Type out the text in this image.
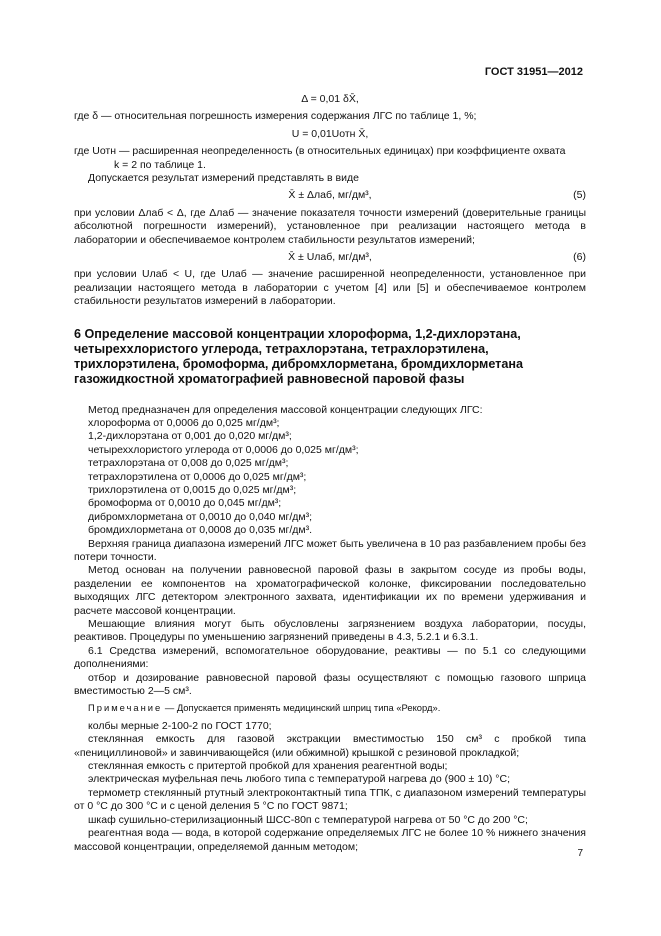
ГОСТ 31951—2012

Δ = 0,01 δX̄,

где δ — относительная погрешность измерения содержания ЛГС по таблице 1, %;

U = 0,01Uотн X̄,

где Uотн — расширенная неопределенность (в относительных единицах) при коэффициенте охвата

k = 2 по таблице 1.

Допускается результат измерений представлять в виде

X̄ ± Δлаб, мг/дм³,	(5)

при условии Δлаб < Δ, где Δлаб — значение показателя точности измерений (доверительные границы абсолютной погрешности измерений), установленное при реализации настоящего метода в лаборатории и обеспечиваемое контролем стабильности результатов измерений;

X̄ ± Uлаб, мг/дм³,	(6)

при условии Uлаб < U, где Uлаб — значение расширенной неопределенности, установленное при реализации настоящего метода в лаборатории с учетом [4] или [5] и обеспечиваемое контролем стабильности результатов измерений в лаборатории.

6 Определение массовой концентрации хлороформа, 1,2-дихлорэтана, четыреххлористого углерода, тетрахлорэтана, тетрахлорэтилена, трихлорэтилена, бромоформа, дибромхлорметана, бромдихлорметана газожидкостной хроматографией равновесной паровой фазы

Метод предназначен для определения массовой концентрации следующих ЛГС:

хлороформа от 0,0006 до 0,025 мг/дм³;
1,2-дихлорэтана от 0,001 до 0,020 мг/дм³;
четыреххлористого углерода от 0,0006 до 0,025 мг/дм³;
тетрахлорэтана от 0,008 до 0,025 мг/дм³;
тетрахлорэтилена от 0,0006 до 0,025 мг/дм³;
трихлорэтилена от 0,0015 до 0,025 мг/дм³;
бромоформа от 0,0010 до 0,045 мг/дм³;
дибромхлорметана от 0,0010 до 0,040 мг/дм³;
бромдихлорметана от 0,0008 до 0,035 мг/дм³.

Верхняя граница диапазона измерений ЛГС может быть увеличена в 10 раз разбавлением пробы без потери точности.

Метод основан на получении равновесной паровой фазы в закрытом сосуде из пробы воды, разделении ее компонентов на хроматографической колонке, фиксировании последовательно выходящих ЛГС детектором электронного захвата, идентификации их по времени удерживания и расчете массовой концентрации.

Мешающие влияния могут быть обусловлены загрязнением воздуха лаборатории, посуды, реактивов. Процедуры по уменьшению загрязнений приведены в 4.3, 5.2.1 и 6.3.1.

6.1 Средства измерений, вспомогательное оборудование, реактивы — по 5.1 со следующими дополнениями:

отбор и дозирование равновесной паровой фазы осуществляют с помощью газового шприца вместимостью 2—5 см³.

Примечание — Допускается применять медицинский шприц типа «Рекорд».

колбы мерные 2-100-2 по ГОСТ 1770;

стеклянная емкость для газовой экстракции вместимостью 150 см³ с пробкой типа «пенициллиновой» и завинчивающейся (или обжимной) крышкой с резиновой прокладкой;

стеклянная емкость с притертой пробкой для хранения реагентной воды;

электрическая муфельная печь любого типа с температурой нагрева до (900 ± 10) °С;

термометр стеклянный ртутный электроконтактный типа ТПК, с диапазоном измерений температуры от 0 °С до 300 °С и с ценой деления 5 °С по ГОСТ 9871;

шкаф сушильно-стерилизационный ШСС-80п с температурой нагрева от 50 °С до 200 °С;

реагентная вода — вода, в которой содержание определяемых ЛГС не более 10 % нижнего значения массовой концентрации, определяемой данным методом;

7
